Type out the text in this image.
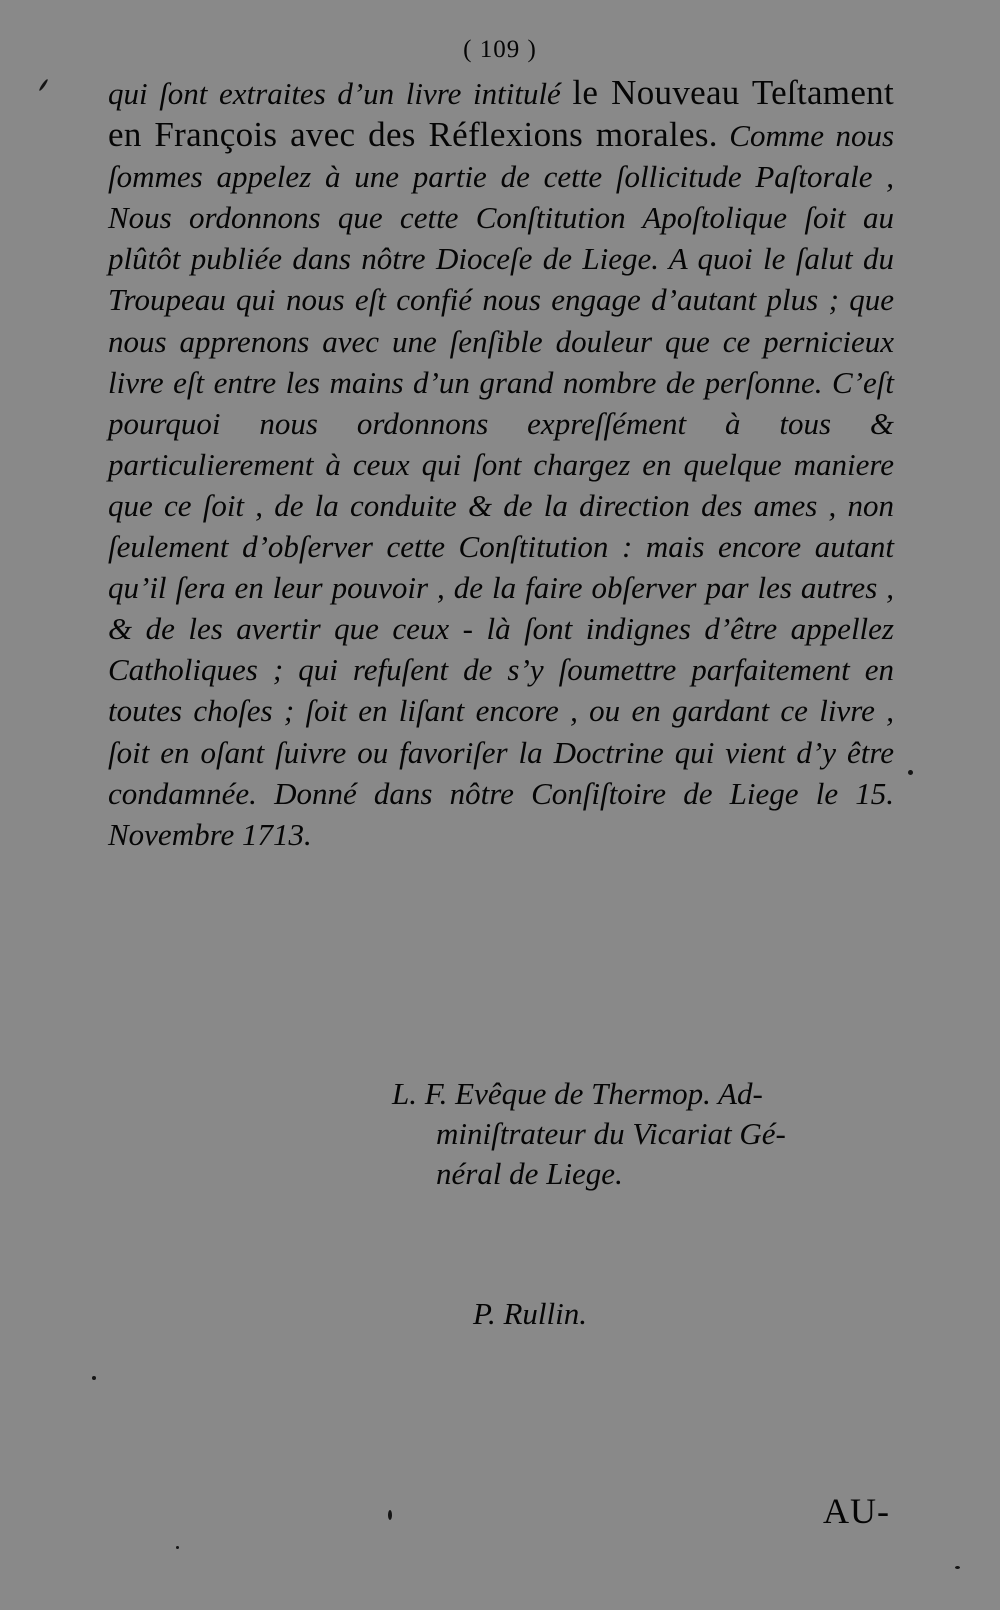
( 109 )

qui ſont extraites d’un livre intitulé le Nouveau Teſtament en François avec des Réflexions morales. Comme nous ſommes appelez à une partie de cette ſollicitude Paſtorale , Nous ordonnons que cette Conſtitution Apoſtolique ſoit au plûtôt publiée dans nôtre Dioceſe de Liege. A quoi le ſalut du Troupeau qui nous eſt confié nous engage d’autant plus ; que nous apprenons avec une ſenſible douleur que ce pernicieux livre eſt entre les mains d’un grand nombre de perſonne. C’eſt pourquoi nous ordonnons expreſſément à tous & particulierement à ceux qui ſont chargez en quelque maniere que ce ſoit , de la conduite & de la direction des ames , non ſeulement d’obſerver cette Conſtitution : mais encore autant qu’il ſera en leur pouvoir , de la faire obſerver par les autres , & de les avertir que ceux - là ſont indignes d’être appellez Catholiques ; qui refuſent de s’y ſoumettre parfaitement en toutes choſes ; ſoit en liſant encore , ou en gardant ce livre , ſoit en oſant ſuivre ou favoriſer la Doctrine qui vient d’y être condamnée. Donné dans nôtre Conſiſtoire de Liege le 15. Novembre 1713.

L. F. Evêque de Thermop. Ad-
miniſtrateur du Vicariat Gé-
néral de Liege.
P. Rullin.
AU-
